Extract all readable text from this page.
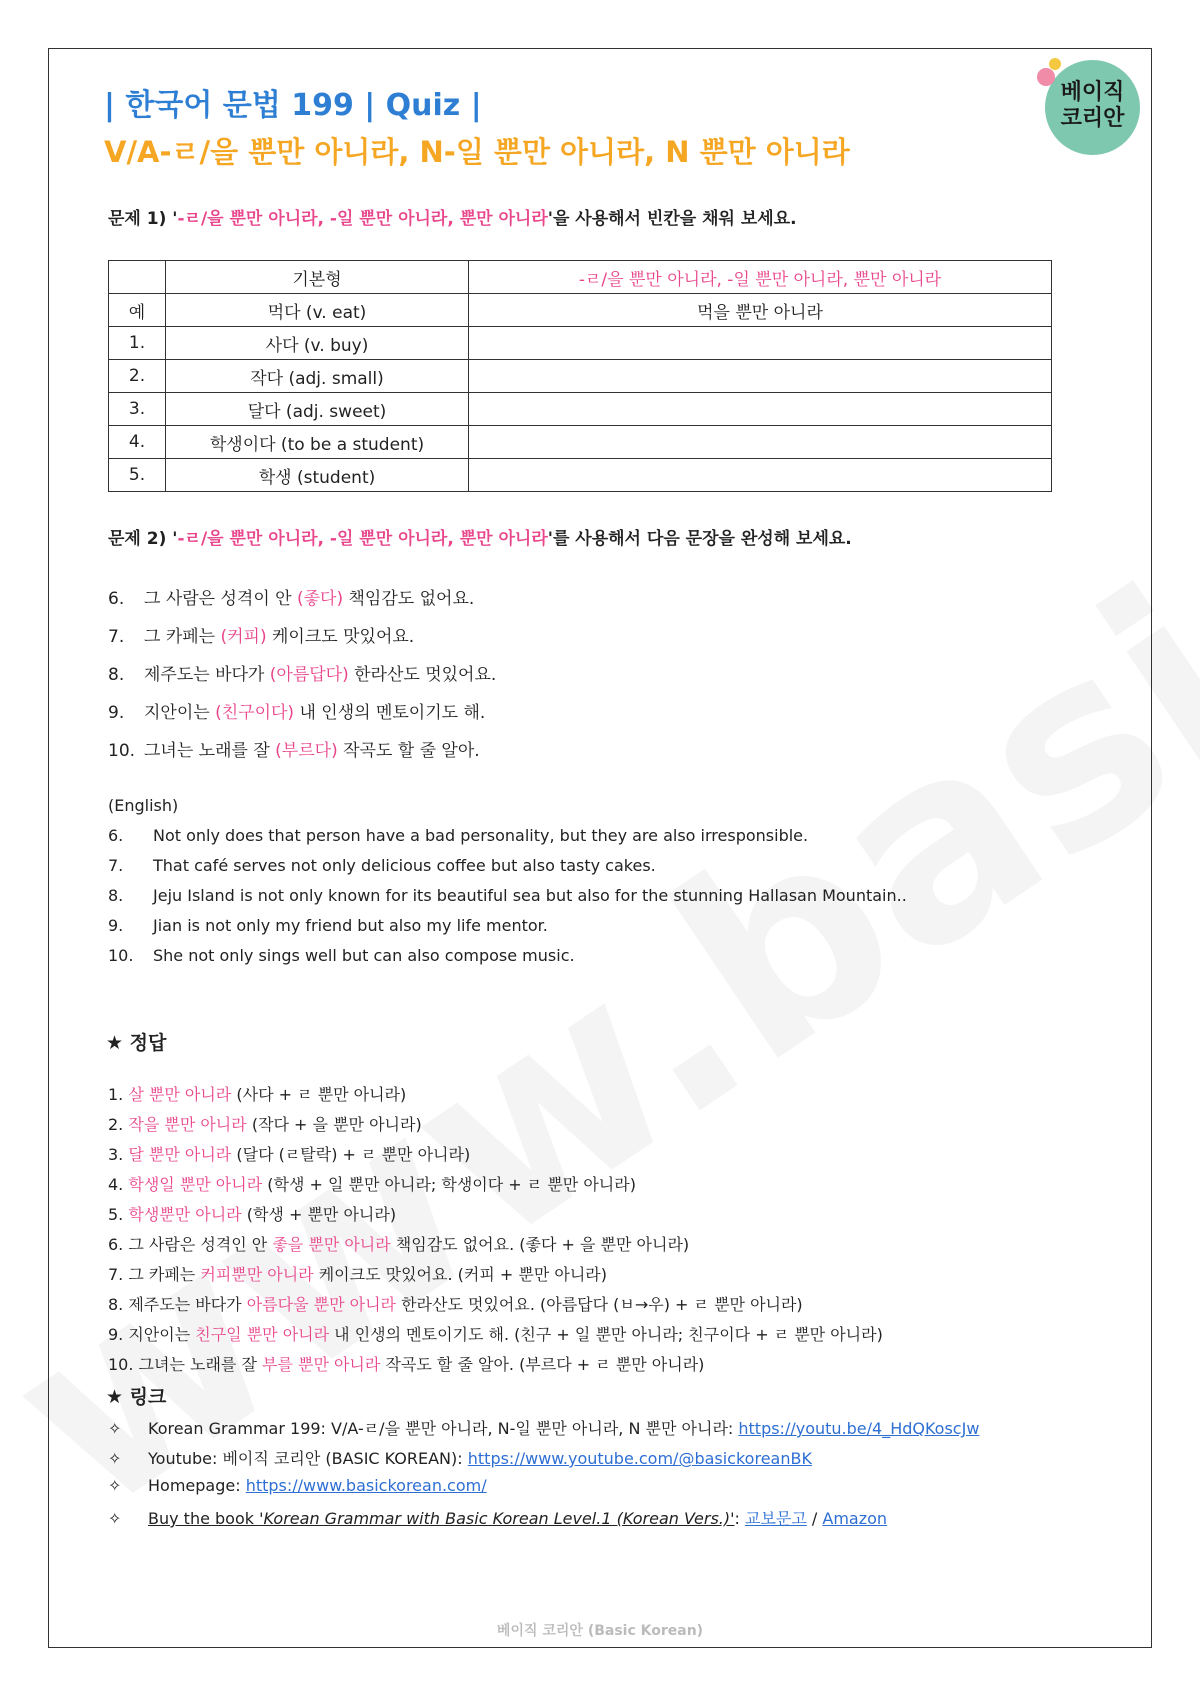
| 한국어 문법 199 | Quiz |
V/A-ㄹ/을 뿐만 아니라, N-일 뿐만 아니라, N 뿐만 아니라
베이직
코리안
문제 1) '-ㄹ/을 뿐만 아니라, -일 뿐만 아니라, 뿐만 아니라'을 사용해서 빈칸을 채워 보세요.
	기본형	-ㄹ/을 뿐만 아니라, -일 뿐만 아니라, 뿐만 아니라
예	먹다 (v. eat)	먹을 뿐만 아니라
1.	사다 (v. buy)	
2.	작다 (adj. small)	
3.	달다 (adj. sweet)	
4.	학생이다 (to be a student)	
5.	학생 (student)	
문제 2) '-ㄹ/을 뿐만 아니라, -일 뿐만 아니라, 뿐만 아니라'를 사용해서 다음 문장을 완성해 보세요.
6. 그 사람은 성격이 안 (좋다) 책임감도 없어요.
7. 그 카페는 (커피) 케이크도 맛있어요.
8. 제주도는 바다가 (아름답다) 한라산도 멋있어요.
9. 지안이는 (친구이다) 내 인생의 멘토이기도 해.
10. 그녀는 노래를 잘 (부르다) 작곡도 할 줄 알아.
(English)
6. Not only does that person have a bad personality, but they are also irresponsible.
7. That café serves not only delicious coffee but also tasty cakes.
8. Jeju Island is not only known for its beautiful sea but also for the stunning Hallasan Mountain..
9. Jian is not only my friend but also my life mentor.
10. She not only sings well but can also compose music.
★ 정답
1. 살 뿐만 아니라 (사다 + ㄹ 뿐만 아니라)
2. 작을 뿐만 아니라 (작다 + 을 뿐만 아니라)
3. 달 뿐만 아니라 (달다 (ㄹ탈락) + ㄹ 뿐만 아니라)
4. 학생일 뿐만 아니라 (학생 + 일 뿐만 아니라; 학생이다 + ㄹ 뿐만 아니라)
5. 학생뿐만 아니라 (학생 + 뿐만 아니라)
6. 그 사람은 성격인 안 좋을 뿐만 아니라 책임감도 없어요. (좋다 + 을 뿐만 아니라)
7. 그 카페는 커피뿐만 아니라 케이크도 맛있어요. (커피 + 뿐만 아니라)
8. 제주도는 바다가 아름다울 뿐만 아니라 한라산도 멋있어요. (아름답다 (ㅂ→우) + ㄹ 뿐만 아니라)
9. 지안이는 친구일 뿐만 아니라 내 인생의 멘토이기도 해. (친구 + 일 뿐만 아니라; 친구이다 + ㄹ 뿐만 아니라)
10. 그녀는 노래를 잘 부를 뿐만 아니라 작곡도 할 줄 알아. (부르다 + ㄹ 뿐만 아니라)
★ 링크
✧ Korean Grammar 199: V/A-ㄹ/을 뿐만 아니라, N-일 뿐만 아니라, N 뿐만 아니라: https://youtu.be/4_HdQKoscJw
✧ Youtube: 베이직 코리안 (BASIC KOREAN): https://www.youtube.com/@basickoreanBK
✧ Homepage: https://www.basickorean.com/
✧ Buy the book 'Korean Grammar with Basic Korean Level.1 (Korean Vers.)': 교보문고 / Amazon
베이직 코리안 (Basic Korean)
